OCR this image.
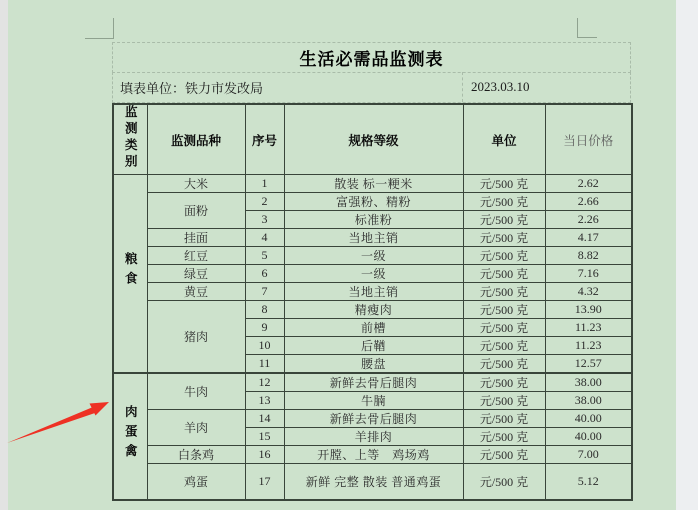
生活必需品监测表
填表单位：铁力市发改局	2023.03.10
监测类别	监测品种	序号	规格等级	单位	当日价格
粮食	大米	1	散装 标一粳米	元/500 克	2.62
	面粉	2	富强粉、精粉	元/500 克	2.66
		3	标准粉	元/500 克	2.26
	挂面	4	当地主销	元/500 克	4.17
	红豆	5	一级	元/500 克	8.82
	绿豆	6	一级	元/500 克	7.16
	黄豆	7	当地主销	元/500 克	4.32
	猪肉	8	精瘦肉	元/500 克	13.90
		9	前槽	元/500 克	11.23
		10	后鞧	元/500 克	11.23
		11	腰盘	元/500 克	12.57
肉蛋禽	牛肉	12	新鲜去骨后腿肉	元/500 克	38.00
		13	牛腩	元/500 克	38.00
	羊肉	14	新鲜去骨后腿肉	元/500 克	40.00
		15	羊排肉	元/500 克	40.00
	白条鸡	16	开膛、上等　鸡场鸡	元/500 克	7.00
	鸡蛋	17	新鲜 完整 散装 普通鸡蛋	元/500 克	5.12
